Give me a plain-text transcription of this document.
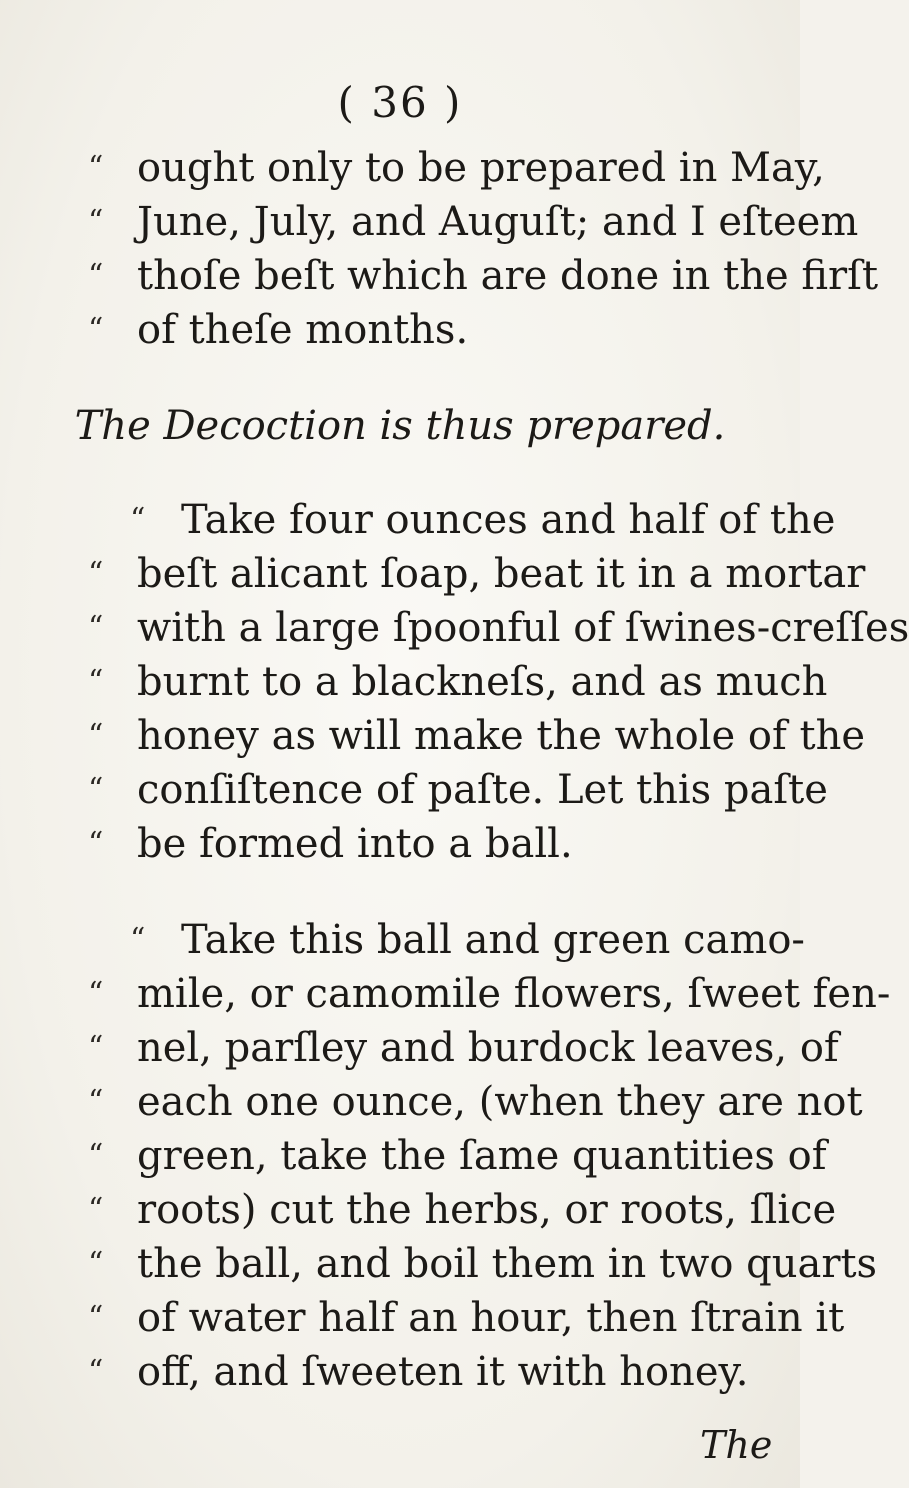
( 36 )
“ ought only to be prepared in May,
“ June, July, and Auguſt; and I eſteem
“ thoſe beſt which are done in the firſt
“ of theſe months.
The Decoction is thus prepared.
“ Take four ounces and half of the
“ beſt alicant ſoap, beat it in a mortar
“ with a large ſpoonful of ſwines-creſſes
“ burnt to a blackneſs, and as much
“ honey as will make the whole of the
“ conſiſtence of paſte. Let this paſte
“ be formed into a ball.
“ Take this ball and green camo-
“ mile, or camomile flowers, ſweet fen-
“ nel, parſley and burdock leaves, of
“ each one ounce, (when they are not
“ green, take the ſame quantities of
“ roots) cut the herbs, or roots, ſlice
“ the ball, and boil them in two quarts
“ of water half an hour, then ſtrain it
“ off, and ſweeten it with honey.
The
